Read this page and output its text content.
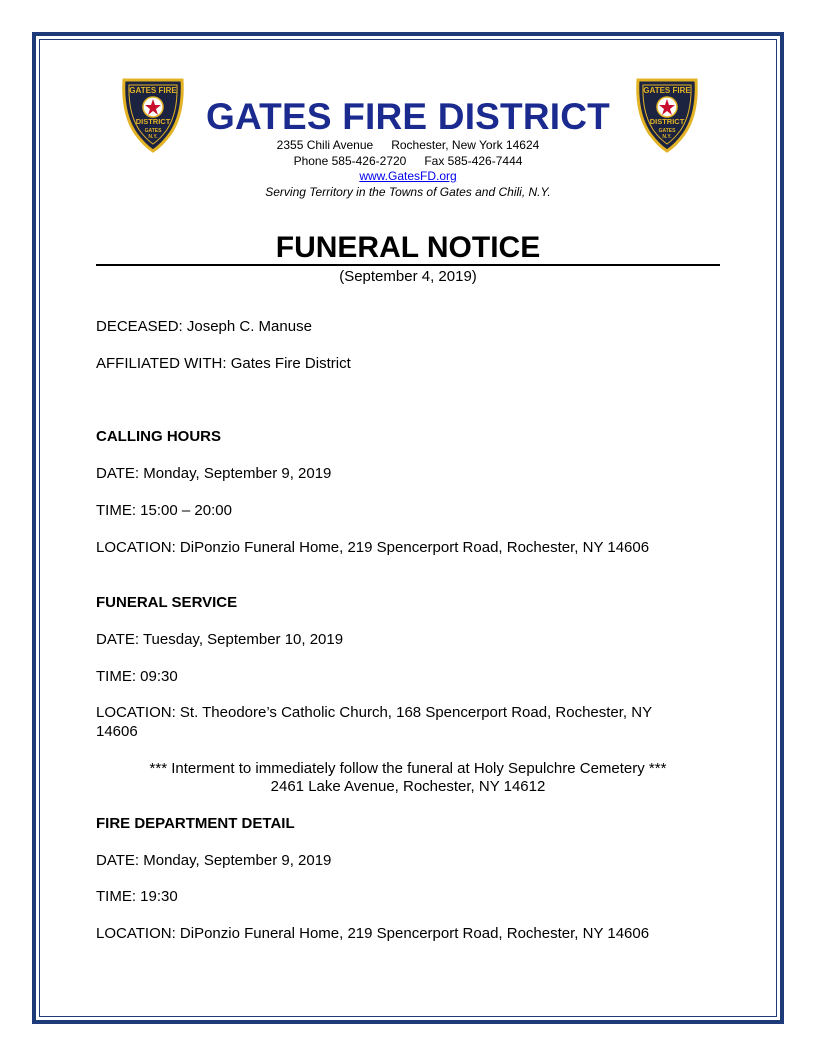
GATES FIRE
DISTRICT
GATES
N.Y.
GATES FIRE
DISTRICT
GATES
N.Y.
GATES FIRE DISTRICT
2355 Chili Avenue Rochester, New York 14624
Phone 585-426-2720 Fax 585-426-7444
www.GatesFD.org
Serving Territory in the Towns of Gates and Chili, N.Y.
FUNERAL NOTICE
(September 4, 2019)
DECEASED: Joseph C. Manuse
AFFILIATED WITH: Gates Fire District
CALLING HOURS
DATE: Monday, September 9, 2019
TIME: 15:00 – 20:00
LOCATION: DiPonzio Funeral Home, 219 Spencerport Road, Rochester, NY 14606
FUNERAL SERVICE
DATE: Tuesday, September 10, 2019
TIME: 09:30
LOCATION: St. Theodore’s Catholic Church, 168 Spencerport Road, Rochester, NY
14606
*** Interment to immediately follow the funeral at Holy Sepulchre Cemetery ***
2461 Lake Avenue, Rochester, NY 14612
FIRE DEPARTMENT DETAIL
DATE: Monday, September 9, 2019
TIME: 19:30
LOCATION: DiPonzio Funeral Home, 219 Spencerport Road, Rochester, NY 14606
